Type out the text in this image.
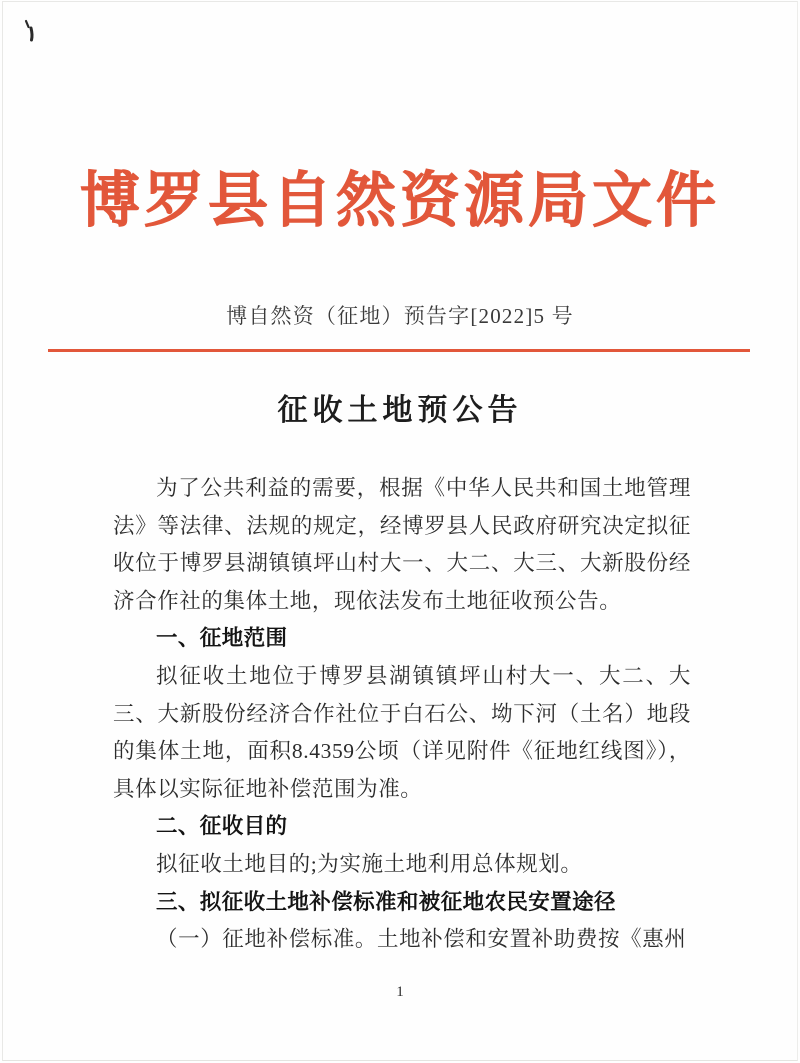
博罗县自然资源局文件
博自然资（征地）预告字[2022]5 号
征收土地预公告

为了公共利益的需要，根据《中华人民共和国土地管理法》等法律、法规的规定，经博罗县人民政府研究决定拟征收位于博罗县湖镇镇坪山村大一、大二、大三、大新股份经济合作社的集体土地，现依法发布土地征收预公告。

一、征地范围

拟征收土地位于博罗县湖镇镇坪山村大一、大二、大三、大新股份经济合作社位于白石公、坳下河（土名）地段的集体土地，面积8.4359公顷（详见附件《征地红线图》），具体以实际征地补偿范围为准。

二、征收目的

拟征收土地目的;为实施土地利用总体规划。

三、拟征收土地补偿标准和被征地农民安置途径

（一）征地补偿标准。土地补偿和安置补助费按《惠州

1
